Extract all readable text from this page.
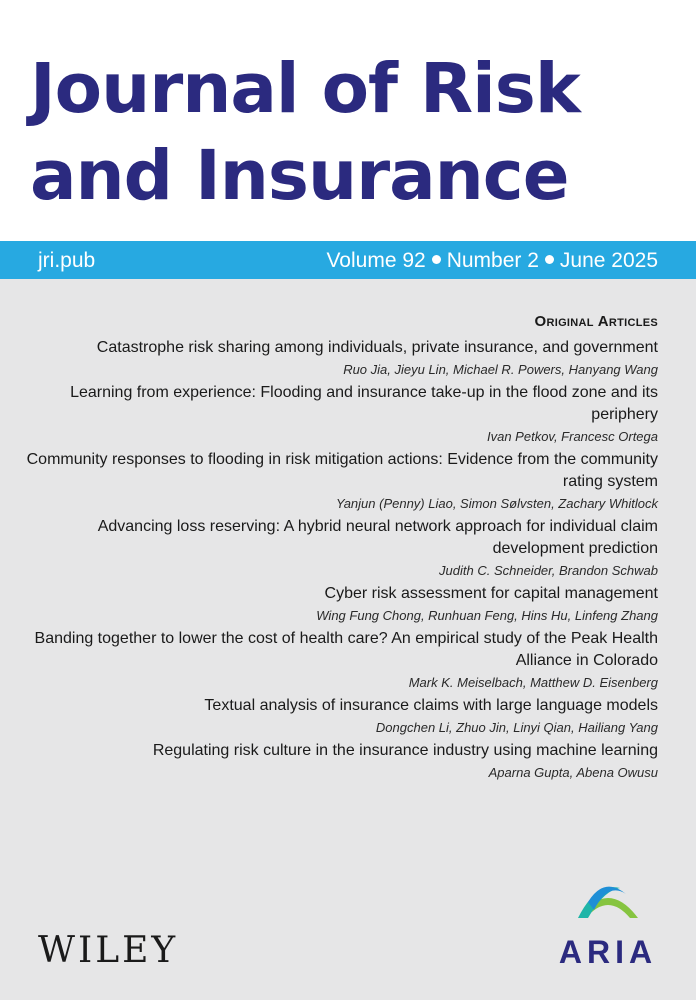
Journal of Risk
and Insurance
jri.pub	Volume 92 Number 2 June 2025
Original Articles
Catastrophe risk sharing among individuals, private insurance, and government
Ruo Jia, Jieyu Lin, Michael R. Powers, Hanyang Wang
Learning from experience: Flooding and insurance take-up in the flood zone and its periphery
Ivan Petkov, Francesc Ortega
Community responses to flooding in risk mitigation actions: Evidence from the community rating system
Yanjun (Penny) Liao, Simon Sølvsten, Zachary Whitlock
Advancing loss reserving: A hybrid neural network approach for individual claim development prediction
Judith C. Schneider, Brandon Schwab
Cyber risk assessment for capital management
Wing Fung Chong, Runhuan Feng, Hins Hu, Linfeng Zhang
Banding together to lower the cost of health care? An empirical study of the Peak Health Alliance in Colorado
Mark K. Meiselbach, Matthew D. Eisenberg
Textual analysis of insurance claims with large language models
Dongchen Li, Zhuo Jin, Linyi Qian, Hailiang Yang
Regulating risk culture in the insurance industry using machine learning
Aparna Gupta, Abena Owusu
WILEY	ARIA
